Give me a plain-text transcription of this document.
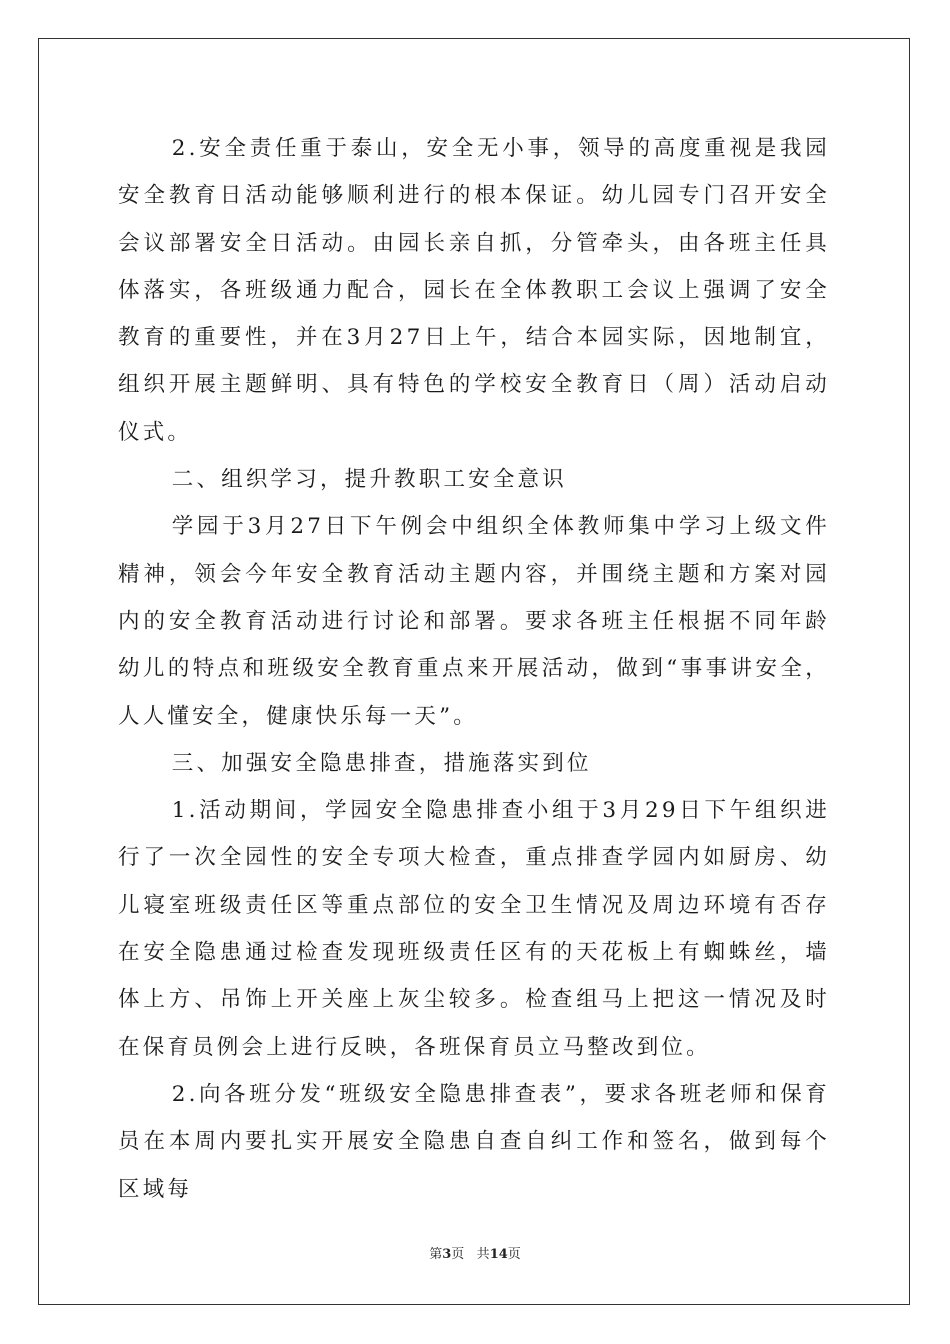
2.安全责任重于泰山，安全无小事，领导的高度重视是我园安全教育日活动能够顺利进行的根本保证。幼儿园专门召开安全会议部署安全日活动。由园长亲自抓，分管牵头，由各班主任具体落实，各班级通力配合，园长在全体教职工会议上强调了安全教育的重要性，并在3月27日上午，结合本园实际，因地制宜，组织开展主题鲜明、具有特色的学校安全教育日（周）活动启动仪式。

二、组织学习，提升教职工安全意识

学园于3月27日下午例会中组织全体教师集中学习上级文件精神，领会今年安全教育活动主题内容，并围绕主题和方案对园内的安全教育活动进行讨论和部署。要求各班主任根据不同年龄幼儿的特点和班级安全教育重点来开展活动，做到“事事讲安全，人人懂安全，健康快乐每一天”。

三、加强安全隐患排查，措施落实到位

1.活动期间，学园安全隐患排查小组于3月29日下午组织进行了一次全园性的安全专项大检查，重点排查学园内如厨房、幼儿寝室班级责任区等重点部位的安全卫生情况及周边环境有否存在安全隐患通过检查发现班级责任区有的天花板上有蜘蛛丝，墙体上方、吊饰上开关座上灰尘较多。检查组马上把这一情况及时在保育员例会上进行反映，各班保育员立马整改到位。

2.向各班分发“班级安全隐患排查表”，要求各班老师和保育员在本周内要扎实开展安全隐患自查自纠工作和签名，做到每个区域每

第3页 共14页
